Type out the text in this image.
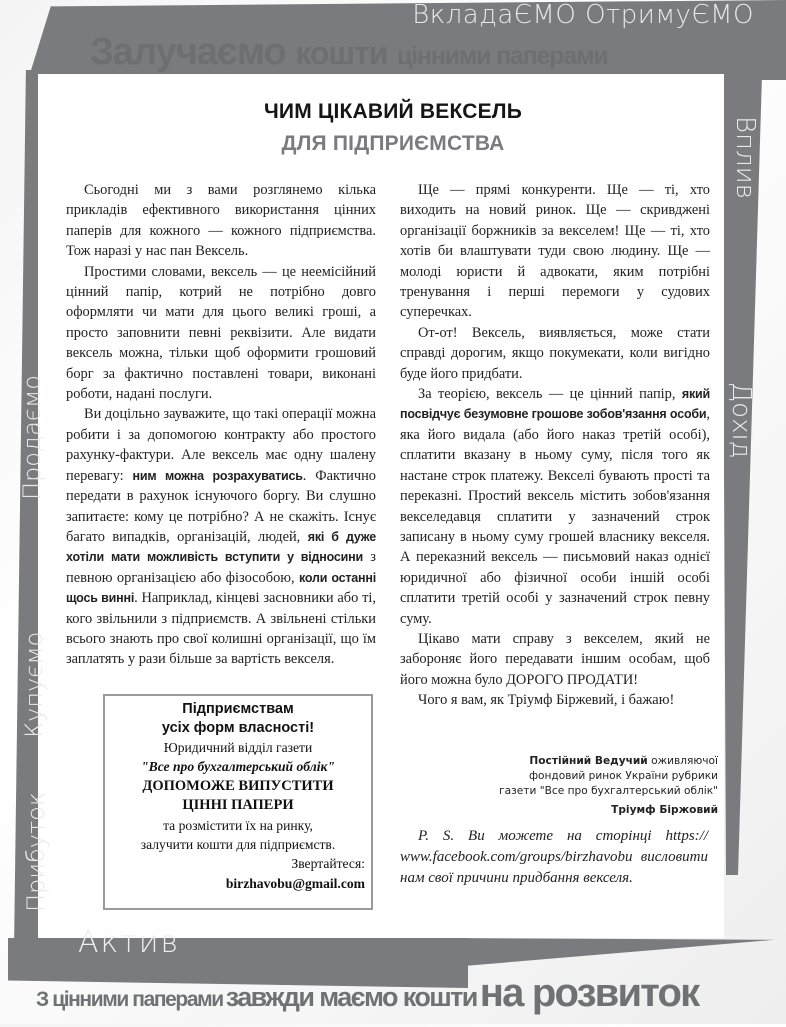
ВкладаЄМО ОтримуЄМО
Залучаємо кошти цінними паперами
Продаємо
Купуємо
Прибуток
Вплив
Дохід
ЧИМ ЦІКАВИЙ ВЕКСЕЛЬ
ДЛЯ ПІДПРИЄМСТВА

Сьогодні ми з вами розглянемо кілька прикладів ефективного використання цінних паперів для кожного — кожного підприємства. Тож наразі у нас пан Вексель.

Простими словами, вексель — це неемісійний цінний папір, котрий не потрібно довго оформляти чи мати для цього великі гроші, а просто заповнити певні реквізити. Але видати вексель можна, тільки щоб оформити грошовий борг за фактично поставлені товари, виконані роботи, надані послуги.

Ви доцільно зауважите, що такі операції можна робити і за допомогою контракту або простого рахунку-фактури. Але вексель має одну шалену перевагу: ним можна розрахуватись. Фактично передати в рахунок існуючого боргу. Ви слушно запитаєте: кому це потрібно? А не скажіть. Існує багато випадків, організацій, людей, які б дуже хотіли мати можливість вступити у відносини з певною організацією або фізособою, коли останні щось винні. Наприклад, кінцеві засновники або ті, кого звільнили з підприємств. А звільнені стільки всього знають про свої колишні організації, що їм заплатять у рази більше за вартість векселя.

Ще — прямі конкуренти. Ще — ті, хто виходить на новий ринок. Ще — скривджені організації боржників за векселем! Ще — ті, хто хотів би влаштувати туди свою людину. Ще — молоді юристи й адвокати, яким потрібні тренування і перші перемоги у судових суперечках.

От-от! Вексель, виявляється, може стати справді дорогим, якщо покумекати, коли вигідно буде його придбати.

За теорією, вексель — це цінний папір, який посвідчує безумовне грошове зобов'язання особи, яка його видала (або його наказ третій особі), сплатити вказану в ньому суму, після того як настане строк платежу. Векселі бувають прості та переказні. Простий вексель містить зобов'язання векселедавця сплатити у зазначений строк записану в ньому суму грошей власнику векселя. А переказний вексель — письмовий наказ однієї юридичної або фізичної особи іншій особі сплатити третій особі у зазначений строк певну суму.

Цікаво мати справу з векселем, який не забороняє його передавати іншим особам, щоб його можна було ДОРОГО ПРОДАТИ!

Чого я вам, як Тріумф Біржевий, і бажаю!

Підприємствам
усіх форм власності!
Юридичний відділ газети
"Все про бухгалтерський облік"
ДОПОМОЖЕ ВИПУСТИТИ
ЦІННІ ПАПЕРИ
та розмістити їх на ринку,
залучити кошти для підприємств.
Звертайтеся:
birzhavobu@gmail.com
Постійний Ведучий оживляючої
фондовий ринок України рубрики
газети "Все про бухгалтерський облік"
Тріумф Біржовий

P. S. Ви можете на сторінці https:// www.facebook.com/groups/birzhavobu висловити нам свої причини придбання векселя.

Актив
З цінними паперами завжди маємо кошти на розвиток
